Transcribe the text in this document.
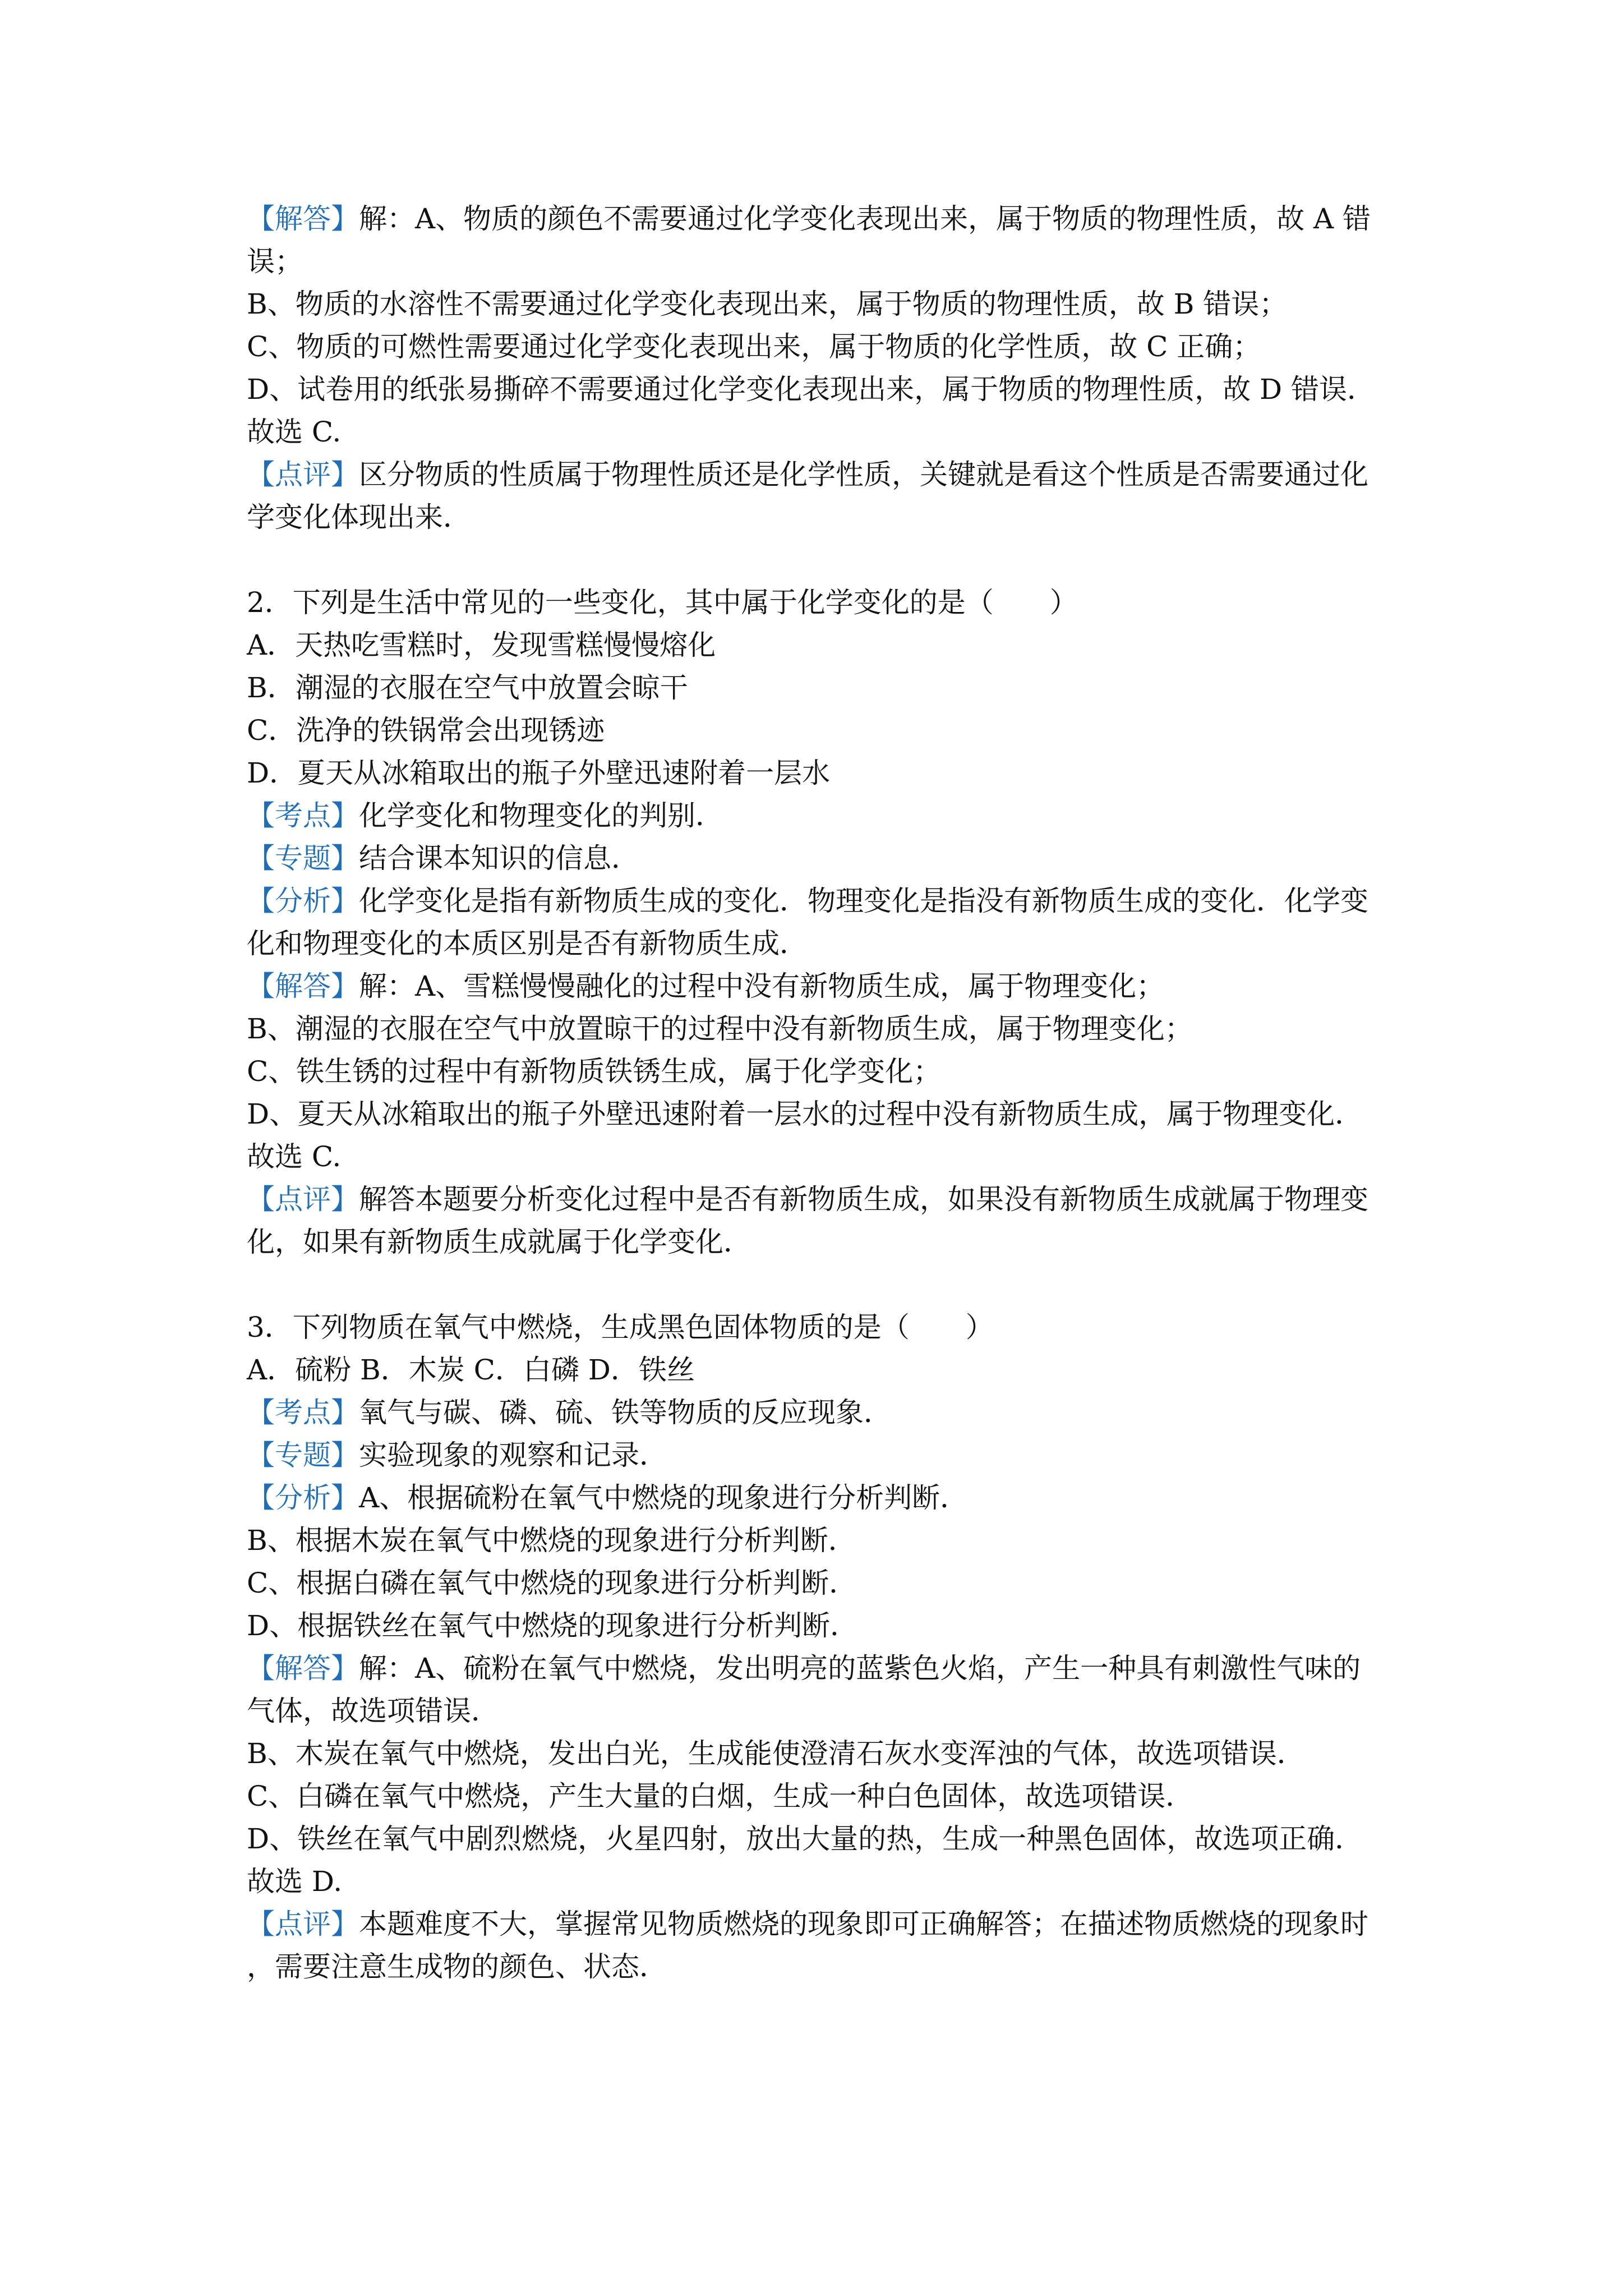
【解答】解：A、物质的颜色不需要通过化学变化表现出来，属于物质的物理性质，故 A 错
误；
B、物质的水溶性不需要通过化学变化表现出来，属于物质的物理性质，故 B 错误；
C、物质的可燃性需要通过化学变化表现出来，属于物质的化学性质，故 C 正确；
D、试卷用的纸张易撕碎不需要通过化学变化表现出来，属于物质的物理性质，故 D 错误．
故选 C.
【点评】区分物质的性质属于物理性质还是化学性质，关键就是看这个性质是否需要通过化
学变化体现出来．
2．下列是生活中常见的一些变化，其中属于化学变化的是（　　）
A．天热吃雪糕时，发现雪糕慢慢熔化
B．潮湿的衣服在空气中放置会晾干
C．洗净的铁锅常会出现锈迹
D．夏天从冰箱取出的瓶子外壁迅速附着一层水
【考点】化学变化和物理变化的判别．
【专题】结合课本知识的信息．
【分析】化学变化是指有新物质生成的变化．物理变化是指没有新物质生成的变化．化学变
化和物理变化的本质区别是否有新物质生成．
【解答】解：A、雪糕慢慢融化的过程中没有新物质生成，属于物理变化；
B、潮湿的衣服在空气中放置晾干的过程中没有新物质生成，属于物理变化；
C、铁生锈的过程中有新物质铁锈生成，属于化学变化；
D、夏天从冰箱取出的瓶子外壁迅速附着一层水的过程中没有新物质生成，属于物理变化．
故选 C.
【点评】解答本题要分析变化过程中是否有新物质生成，如果没有新物质生成就属于物理变
化，如果有新物质生成就属于化学变化．
3．下列物质在氧气中燃烧，生成黑色固体物质的是（　　）
A．硫粉 B．木炭 C．白磷 D．铁丝
【考点】氧气与碳、磷、硫、铁等物质的反应现象．
【专题】实验现象的观察和记录．
【分析】A、根据硫粉在氧气中燃烧的现象进行分析判断．
B、根据木炭在氧气中燃烧的现象进行分析判断．
C、根据白磷在氧气中燃烧的现象进行分析判断．
D、根据铁丝在氧气中燃烧的现象进行分析判断．
【解答】解：A、硫粉在氧气中燃烧，发出明亮的蓝紫色火焰，产生一种具有刺激性气味的
气体，故选项错误．
B、木炭在氧气中燃烧，发出白光，生成能使澄清石灰水变浑浊的气体，故选项错误．
C、白磷在氧气中燃烧，产生大量的白烟，生成一种白色固体，故选项错误．
D、铁丝在氧气中剧烈燃烧，火星四射，放出大量的热，生成一种黑色固体，故选项正确．
故选 D.
【点评】本题难度不大，掌握常见物质燃烧的现象即可正确解答；在描述物质燃烧的现象时
，需要注意生成物的颜色、状态．
